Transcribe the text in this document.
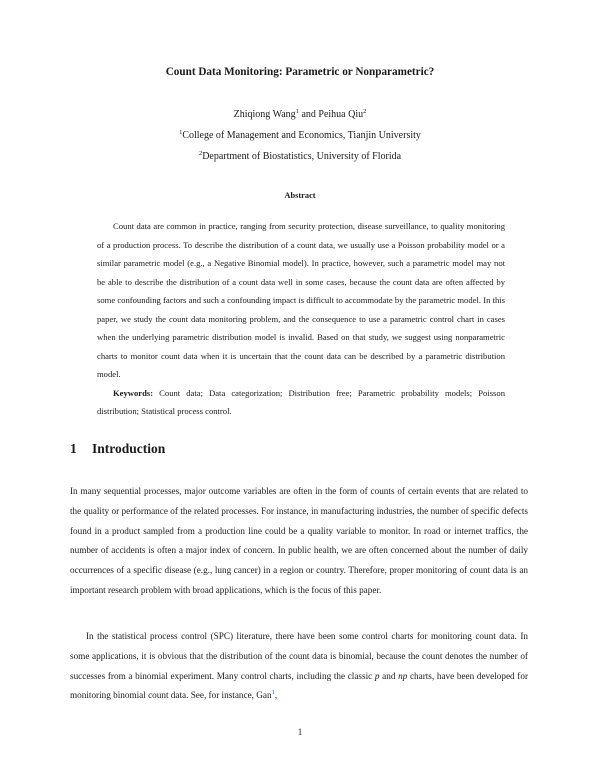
Count Data Monitoring: Parametric or Nonparametric?
Zhiqiong Wang$^1$ and Peihua Qiu$^2$
$^1$College of Management and Economics, Tianjin University
$^2$Department of Biostatistics, University of Florida
Abstract

Count data are common in practice, ranging from security protection, disease surveillance, to quality monitoring of a production process. To describe the distribution of a count data, we usually use a Poisson probability model or a similar parametric model (e.g., a Negative Binomial model). In practice, however, such a parametric model may not be able to describe the distribution of a count data well in some cases, because the count data are often affected by some confounding factors and such a confounding impact is difficult to accommodate by the parametric model. In this paper, we study the count data monitoring problem, and the consequence to use a parametric control chart in cases when the underlying parametric distribution model is invalid. Based on that study, we suggest using nonparametric charts to monitor count data when it is uncertain that the count data can be described by a parametric distribution model.

Keywords: Count data; Data categorization; Distribution free; Parametric probability models; Poisson distribution; Statistical process control.

1 Introduction

In many sequential processes, major outcome variables are often in the form of counts of certain events that are related to the quality or performance of the related processes. For instance, in manufacturing industries, the number of specific defects found in a product sampled from a production line could be a quality variable to monitor. In road or internet traffics, the number of accidents is often a major index of concern. In public health, we are often concerned about the number of daily occurrences of a specific disease (e.g., lung cancer) in a region or country. Therefore, proper monitoring of count data is an important research problem with broad applications, which is the focus of this paper.

In the statistical process control (SPC) literature, there have been some control charts for monitoring count data. In some applications, it is obvious that the distribution of the count data is binomial, because the count denotes the number of successes from a binomial experiment. Many control charts, including the classic p and np charts, have been developed for monitoring binomial count data. See, for instance, Gan$^1$,
1
